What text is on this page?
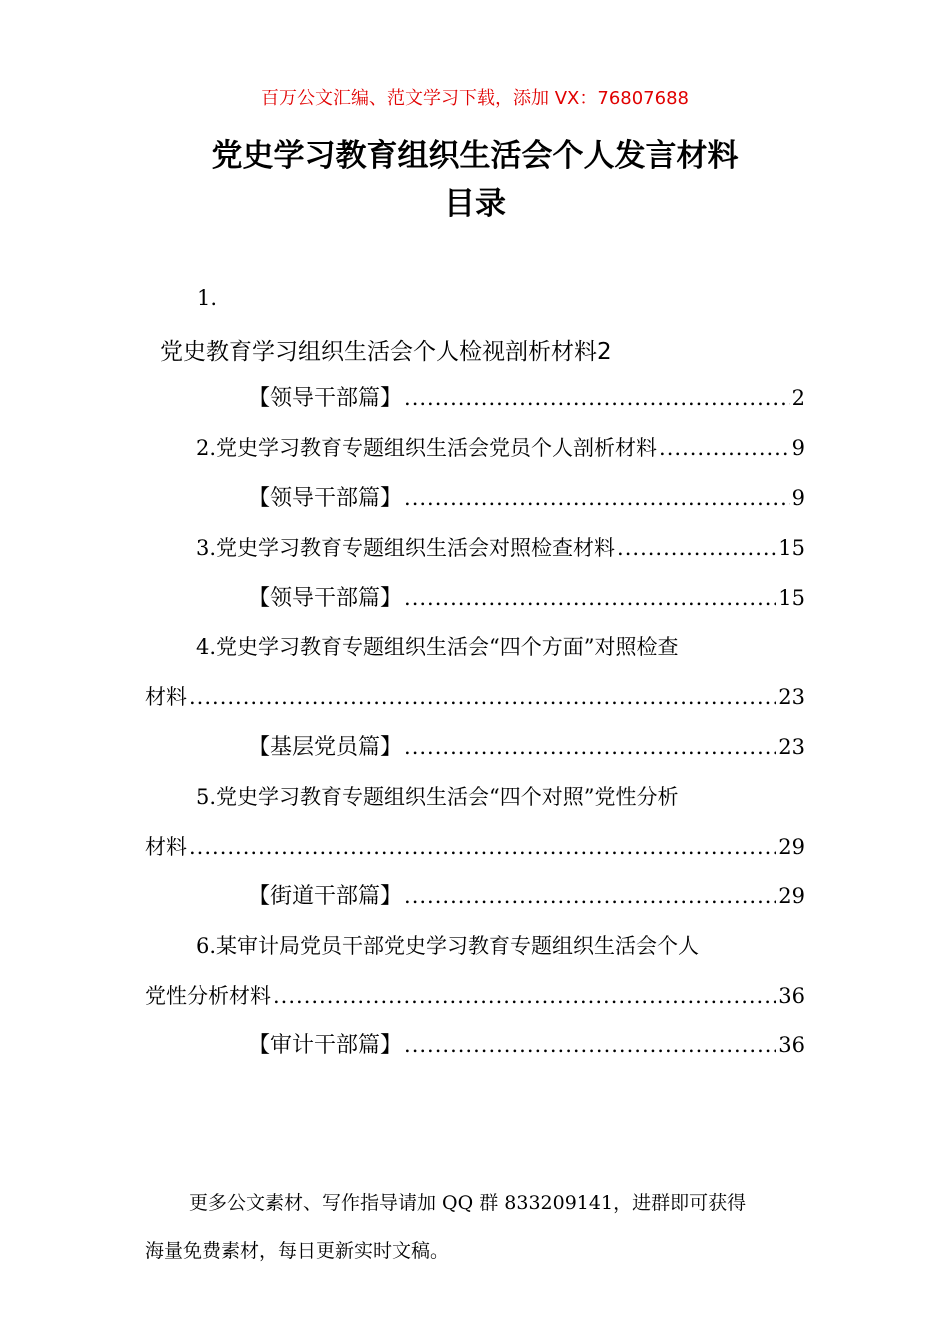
百万公文汇编、范文学习下载，添加 VX：76807688
党史学习教育组织生活会个人发言材料
目录
1.
党史教育学习组织生活会个人检视剖析材料2
【领导干部篇】 .....	2
2.党史学习教育专题组织生活会党员个人剖析材料 .....	9
【领导干部篇】 .....	9
3.党史学习教育专题组织生活会对照检查材料 .....	15
【领导干部篇】 .....	15
4.党史学习教育专题组织生活会“四个方面”对照检查
材料 .....	23
【基层党员篇】 .....	23
5.党史学习教育专题组织生活会“四个对照”党性分析
材料 .....	29
【街道干部篇】 .....	29
6.某审计局党员干部党史学习教育专题组织生活会个人
党性分析材料 .....	36
【审计干部篇】 .....	36
更多公文素材、写作指导请加 QQ 群 833209141，进群即可获得
海量免费素材，每日更新实时文稿。
